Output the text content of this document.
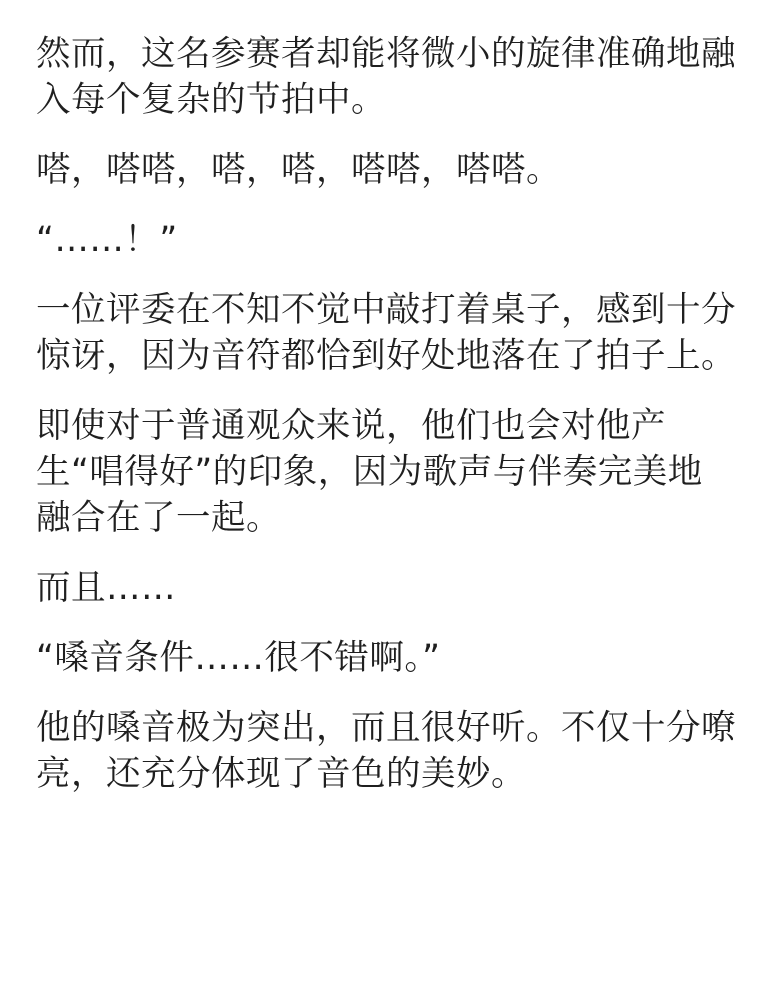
然而，这名参赛者却能将微小的旋律准确地融入每个复杂的节拍中。

嗒，嗒嗒，嗒，嗒，嗒嗒，嗒嗒。

“……！”

一位评委在不知不觉中敲打着桌子，感到十分惊讶，因为音符都恰到好处地落在了拍子上。

即使对于普通观众来说，他们也会对他产生“唱得好”的印象，因为歌声与伴奏完美地融合在了一起。

而且……

“嗓音条件……很不错啊。”

他的嗓音极为突出，而且很好听。不仅十分嘹亮，还充分体现了音色的美妙。
